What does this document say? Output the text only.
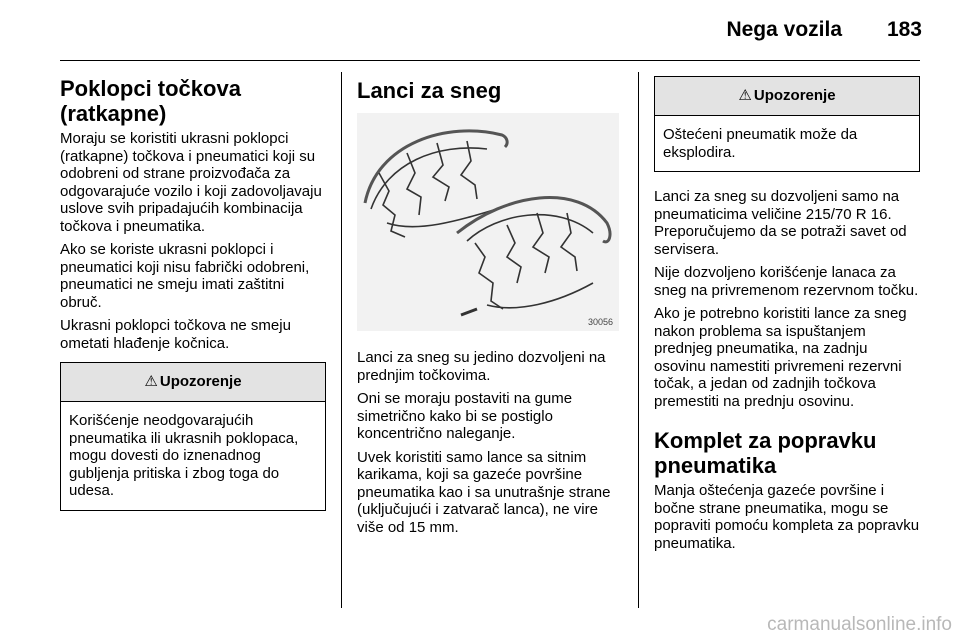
Nega vozila 183
Poklopci točkova
(ratkapne)

Moraju se koristiti ukrasni poklopci (ratkapne) točkova i pneumatici koji su odobreni od strane proizvođača za odgovarajuće vozilo i koji zadovoljavaju uslove svih pripadajućih kombinacija točkova i pneumatika.

Ako se koriste ukrasni poklopci i pneumatici koji nisu fabrički odobreni, pneumatici ne smeju imati zaštitni obruč.

Ukrasni poklopci točkova ne smeju ometati hlađenje kočnica.

⚠ Upozorenje
Korišćenje neodgovarajućih pneumatika ili ukrasnih poklopaca, mogu dovesti do iznenadnog gubljenja pritiska i zbog toga do udesa.
Lanci za sneg
30056

Lanci za sneg su jedino dozvoljeni na prednjim točkovima.

Oni se moraju postaviti na gume simetrično kako bi se postiglo koncentrično naleganje.

Uvek koristiti samo lance sa sitnim karikama, koji sa gazeće površine pneumatika kao i sa unutrašnje strane (uključujući i zatvarač lanca), ne vire više od 15 mm.

⚠ Upozorenje
Oštećeni pneumatik može da eksplodira.

Lanci za sneg su dozvoljeni samo na pneumaticima veličine 215/70 R 16. Preporučujemo da se potraži savet od servisera.

Nije dozvoljeno korišćenje lanaca za sneg na privremenom rezervnom točku.

Ako je potrebno koristiti lance za sneg nakon problema sa ispuštanjem prednjeg pneumatika, na zadnju osovinu namestiti privremeni rezervni točak, a jedan od zadnjih točkova premestiti na prednju osovinu.

Komplet za popravku
pneumatika

Manja oštećenja gazeće površine i bočne strane pneumatika, mogu se popraviti pomoću kompleta za popravku pneumatika.

carmanualsonline.info
